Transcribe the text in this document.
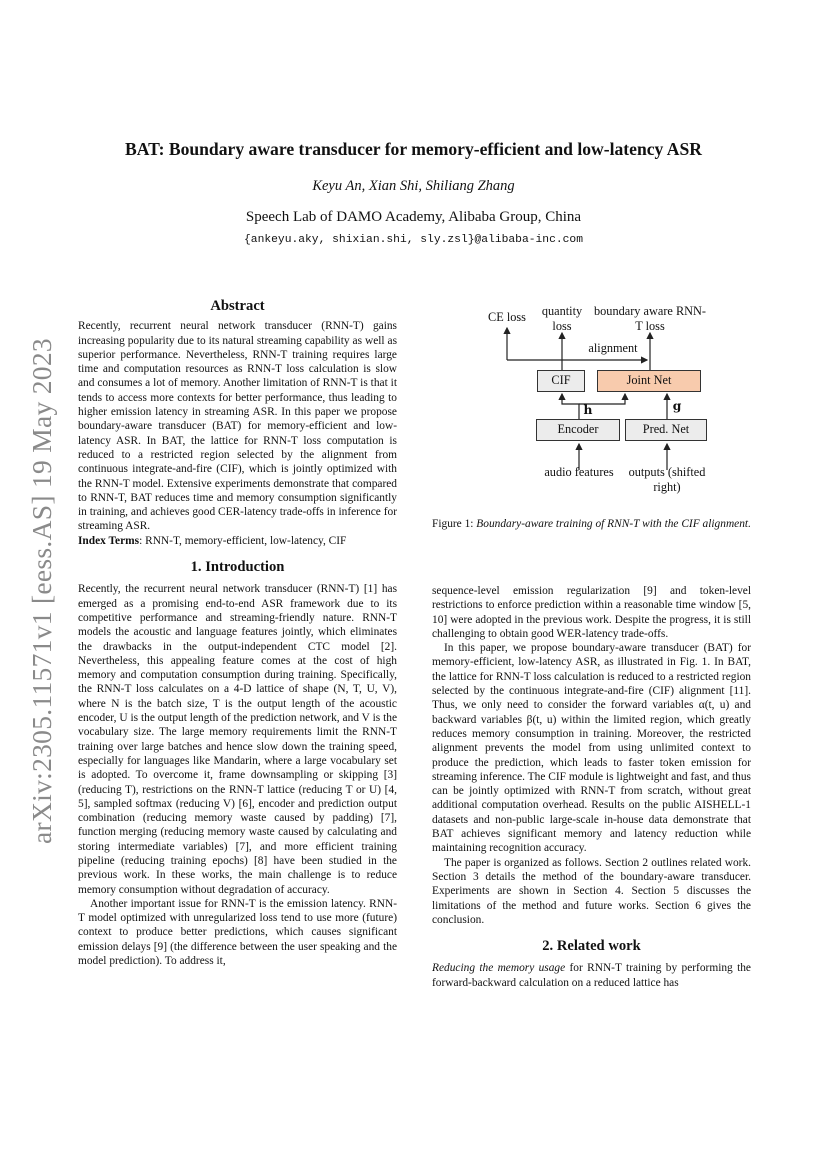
arXiv:2305.11571v1 [eess.AS] 19 May 2023
BAT: Boundary aware transducer for memory-efficient and low-latency ASR
Keyu An, Xian Shi, Shiliang Zhang
Speech Lab of DAMO Academy, Alibaba Group, China
{ankeyu.aky, shixian.shi, sly.zsl}@alibaba-inc.com
Abstract

Recently, recurrent neural network transducer (RNN-T) gains increasing popularity due to its natural streaming capability as well as superior performance. Nevertheless, RNN-T training requires large time and computation resources as RNN-T loss calculation is slow and consumes a lot of memory. Another limitation of RNN-T is that it tends to access more contexts for better performance, thus leading to higher emission latency in streaming ASR. In this paper we propose boundary-aware transducer (BAT) for memory-efficient and low-latency ASR. In BAT, the lattice for RNN-T loss computation is reduced to a restricted region selected by the alignment from continuous integrate-and-fire (CIF), which is jointly optimized with the RNN-T model. Extensive experiments demonstrate that compared to RNN-T, BAT reduces time and memory consumption significantly in training, and achieves good CER-latency trade-offs in inference for streaming ASR.

Index Terms: RNN-T, memory-efficient, low-latency, CIF

1. Introduction

Recently, the recurrent neural network transducer (RNN-T) [1] has emerged as a promising end-to-end ASR framework due to its competitive performance and streaming-friendly nature. RNN-T models the acoustic and language features jointly, which eliminates the drawbacks in the output-independent CTC model [2]. Nevertheless, this appealing feature comes at the cost of high memory and computation consumption during training. Specifically, the RNN-T loss calculates on a 4-D lattice of shape (N, T, U, V), where N is the batch size, T is the output length of the acoustic encoder, U is the output length of the prediction network, and V is the vocabulary size. The large memory requirements limit the RNN-T training over large batches and hence slow down the training speed, especially for languages like Mandarin, where a large vocabulary set is adopted. To overcome it, frame downsampling or skipping [3] (reducing T), restrictions on the RNN-T lattice (reducing T or U) [4, 5], sampled softmax (reducing V) [6], encoder and prediction output combination (reducing memory waste caused by padding) [7], function merging (reducing memory waste caused by calculating and storing intermediate variables) [7], and more efficient training pipeline (reducing training epochs) [8] have been studied in the previous work. In these works, the main challenge is to reduce memory consumption without degradation of accuracy.

Another important issue for RNN-T is the emission latency. RNN-T model optimized with unregularized loss tend to use more (future) context to produce better predictions, which causes significant emission delays [9] (the difference between the user speaking and the model prediction). To address it,

CE loss	quantity loss
boundary aware RNN-T loss
alignment
CIF	Joint Net
h	g
Encoder	Pred. Net
audio features	outputs (shifted right)
Figure 1: Boundary-aware training of RNN-T with the CIF alignment.

sequence-level emission regularization [9] and token-level restrictions to enforce prediction within a reasonable time window [5, 10] were adopted in the previous work. Despite the progress, it is still challenging to obtain good WER-latency trade-offs.

In this paper, we propose boundary-aware transducer (BAT) for memory-efficient, low-latency ASR, as illustrated in Fig. 1. In BAT, the lattice for RNN-T loss calculation is reduced to a restricted region selected by the continuous integrate-and-fire (CIF) alignment [11]. Thus, we only need to consider the forward variables α(t, u) and backward variables β(t, u) within the limited region, which greatly reduces memory consumption in training. Moreover, the restricted alignment prevents the model from using unlimited context to produce the prediction, which leads to faster token emission for streaming inference. The CIF module is lightweight and fast, and thus can be jointly optimized with RNN-T from scratch, without great additional computation overhead. Results on the public AISHELL-1 datasets and non-public large-scale in-house data demonstrate that BAT achieves significant memory and latency reduction while maintaining recognition accuracy.

The paper is organized as follows. Section 2 outlines related work. Section 3 details the method of the boundary-aware transducer. Experiments are shown in Section 4. Section 5 discusses the limitations of the method and future works. Section 6 gives the conclusion.

2. Related work

Reducing the memory usage for RNN-T training by performing the forward-backward calculation on a reduced lattice has
